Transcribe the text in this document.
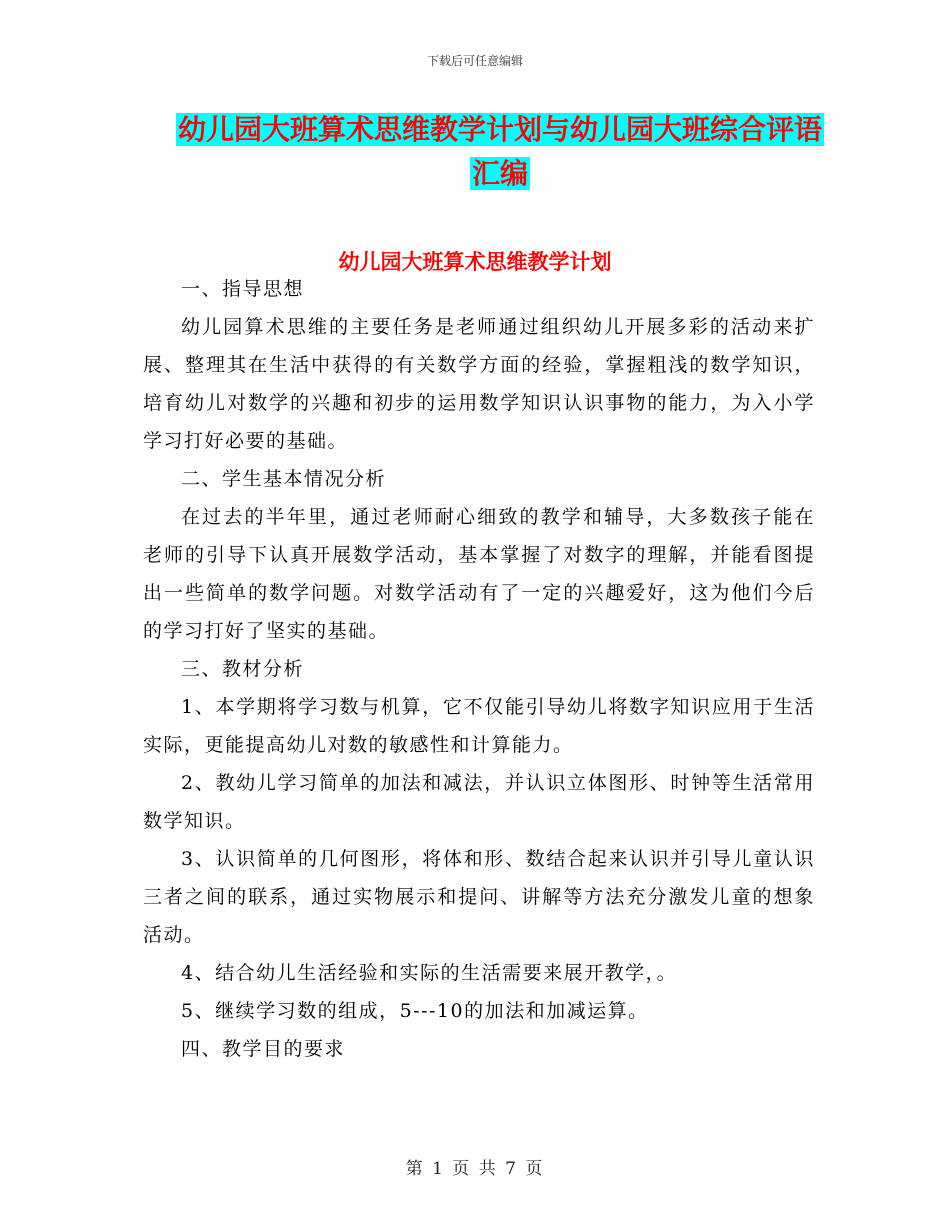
下载后可任意编辑
幼儿园大班算术思维教学计划与幼儿园大班综合评语
汇编
幼儿园大班算术思维教学计划

一、指导思想

幼儿园算术思维的主要任务是老师通过组织幼儿开展多彩的活动来扩展、整理其在生活中获得的有关数学方面的经验，掌握粗浅的数学知识，培育幼儿对数学的兴趣和初步的运用数学知识认识事物的能力，为入小学学习打好必要的基础。

二、学生基本情况分析

在过去的半年里，通过老师耐心细致的教学和辅导，大多数孩子能在老师的引导下认真开展数学活动，基本掌握了对数字的理解，并能看图提出一些简单的数学问题。对数学活动有了一定的兴趣爱好，这为他们今后的学习打好了坚实的基础。

三、教材分析

1、本学期将学习数与机算，它不仅能引导幼儿将数字知识应用于生活实际，更能提高幼儿对数的敏感性和计算能力。

2、教幼儿学习简单的加法和减法，并认识立体图形、时钟等生活常用数学知识。

3、认识简单的几何图形，将体和形、数结合起来认识并引导儿童认识三者之间的联系，通过实物展示和提问、讲解等方法充分激发儿童的想象活动。

4、结合幼儿生活经验和实际的生活需要来展开教学，。

5、继续学习数的组成，5---10的加法和加减运算。

四、教学目的要求

第 1 页 共 7 页
